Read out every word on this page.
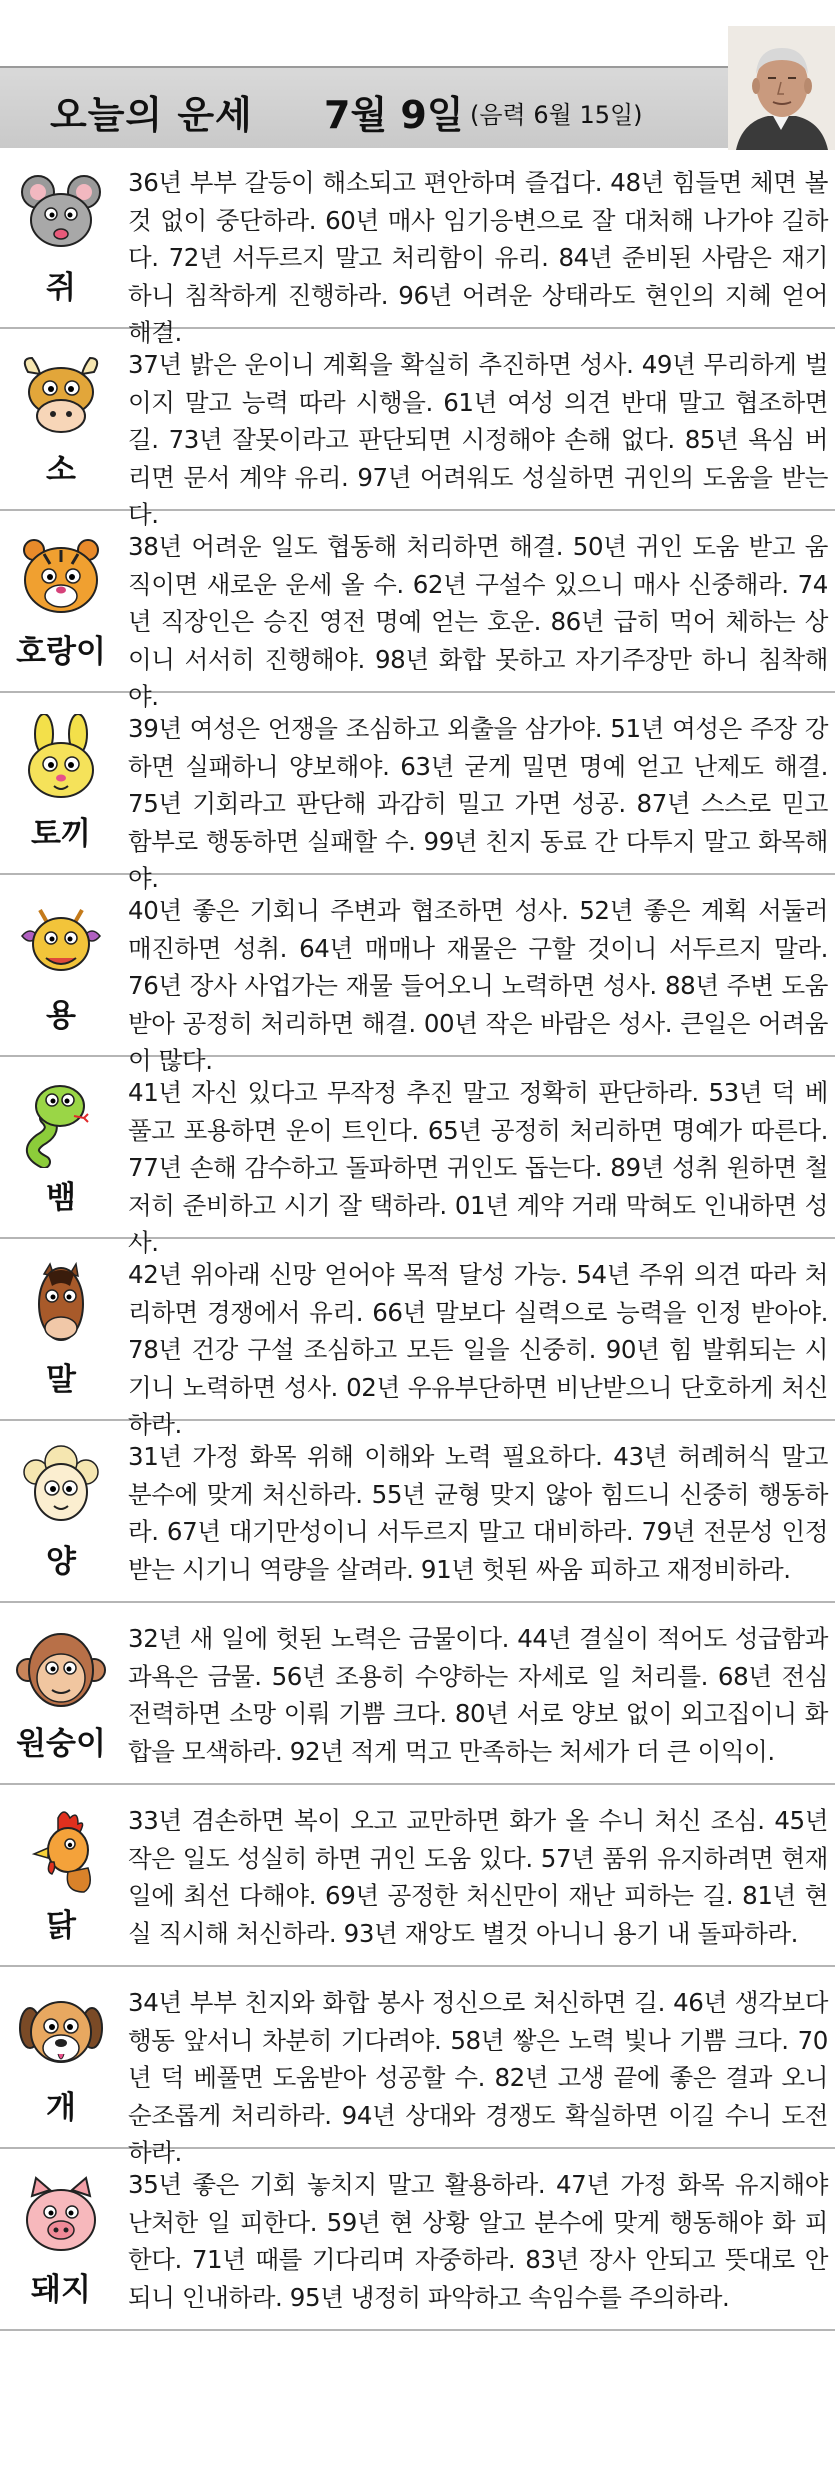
오늘의 운세 7월 9일 (음력 6월 15일)
쥐
36년 부부 갈등이 해소되고 편안하며 즐겁다. 48년 힘들면 체면 볼 것 없이 중단하라. 60년 매사 임기응변으로 잘 대처해 나가야 길하다. 72년 서두르지 말고 처리함이 유리. 84년 준비된 사람은 재기하니 침착하게 진행하라. 96년 어려운 상태라도 현인의 지혜 얻어 해결.
소
37년 밝은 운이니 계획을 확실히 추진하면 성사. 49년 무리하게 벌이지 말고 능력 따라 시행을. 61년 여성 의견 반대 말고 협조하면 길. 73년 잘못이라고 판단되면 시정해야 손해 없다. 85년 욕심 버리면 문서 계약 유리. 97년 어려워도 성실하면 귀인의 도움을 받는다.
호랑이
38년 어려운 일도 협동해 처리하면 해결. 50년 귀인 도움 받고 움직이면 새로운 운세 올 수. 62년 구설수 있으니 매사 신중해라. 74년 직장인은 승진 영전 명예 얻는 호운. 86년 급히 먹어 체하는 상이니 서서히 진행해야. 98년 화합 못하고 자기주장만 하니 침착해야.
토끼
39년 여성은 언쟁을 조심하고 외출을 삼가야. 51년 여성은 주장 강하면 실패하니 양보해야. 63년 굳게 밀면 명예 얻고 난제도 해결. 75년 기회라고 판단해 과감히 밀고 가면 성공. 87년 스스로 믿고 함부로 행동하면 실패할 수. 99년 친지 동료 간 다투지 말고 화목해야.
용
40년 좋은 기회니 주변과 협조하면 성사. 52년 좋은 계획 서둘러 매진하면 성취. 64년 매매나 재물은 구할 것이니 서두르지 말라. 76년 장사 사업가는 재물 들어오니 노력하면 성사. 88년 주변 도움 받아 공정히 처리하면 해결. 00년 작은 바람은 성사. 큰일은 어려움이 많다.
뱀
41년 자신 있다고 무작정 추진 말고 정확히 판단하라. 53년 덕 베풀고 포용하면 운이 트인다. 65년 공정히 처리하면 명예가 따른다. 77년 손해 감수하고 돌파하면 귀인도 돕는다. 89년 성취 원하면 철저히 준비하고 시기 잘 택하라. 01년 계약 거래 막혀도 인내하면 성사.
말
42년 위아래 신망 얻어야 목적 달성 가능. 54년 주위 의견 따라 처리하면 경쟁에서 유리. 66년 말보다 실력으로 능력을 인정 받아야. 78년 건강 구설 조심하고 모든 일을 신중히. 90년 힘 발휘되는 시기니 노력하면 성사. 02년 우유부단하면 비난받으니 단호하게 처신하라.
양
31년 가정 화목 위해 이해와 노력 필요하다. 43년 허례허식 말고 분수에 맞게 처신하라. 55년 균형 맞지 않아 힘드니 신중히 행동하라. 67년 대기만성이니 서두르지 말고 대비하라. 79년 전문성 인정받는 시기니 역량을 살려라. 91년 헛된 싸움 피하고 재정비하라.
원숭이
32년 새 일에 헛된 노력은 금물이다. 44년 결실이 적어도 성급함과 과욕은 금물. 56년 조용히 수양하는 자세로 일 처리를. 68년 전심전력하면 소망 이뤄 기쁨 크다. 80년 서로 양보 없이 외고집이니 화합을 모색하라. 92년 적게 먹고 만족하는 처세가 더 큰 이익이.
닭
33년 겸손하면 복이 오고 교만하면 화가 올 수니 처신 조심. 45년 작은 일도 성실히 하면 귀인 도움 있다. 57년 품위 유지하려면 현재 일에 최선 다해야. 69년 공정한 처신만이 재난 피하는 길. 81년 현실 직시해 처신하라. 93년 재앙도 별것 아니니 용기 내 돌파하라.
개
34년 부부 친지와 화합 봉사 정신으로 처신하면 길. 46년 생각보다 행동 앞서니 차분히 기다려야. 58년 쌓은 노력 빛나 기쁨 크다. 70년 덕 베풀면 도움받아 성공할 수. 82년 고생 끝에 좋은 결과 오니 순조롭게 처리하라. 94년 상대와 경쟁도 확실하면 이길 수니 도전하라.
돼지
35년 좋은 기회 놓치지 말고 활용하라. 47년 가정 화목 유지해야 난처한 일 피한다. 59년 현 상황 알고 분수에 맞게 행동해야 화 피한다. 71년 때를 기다리며 자중하라. 83년 장사 안되고 뜻대로 안 되니 인내하라. 95년 냉정히 파악하고 속임수를 주의하라.
